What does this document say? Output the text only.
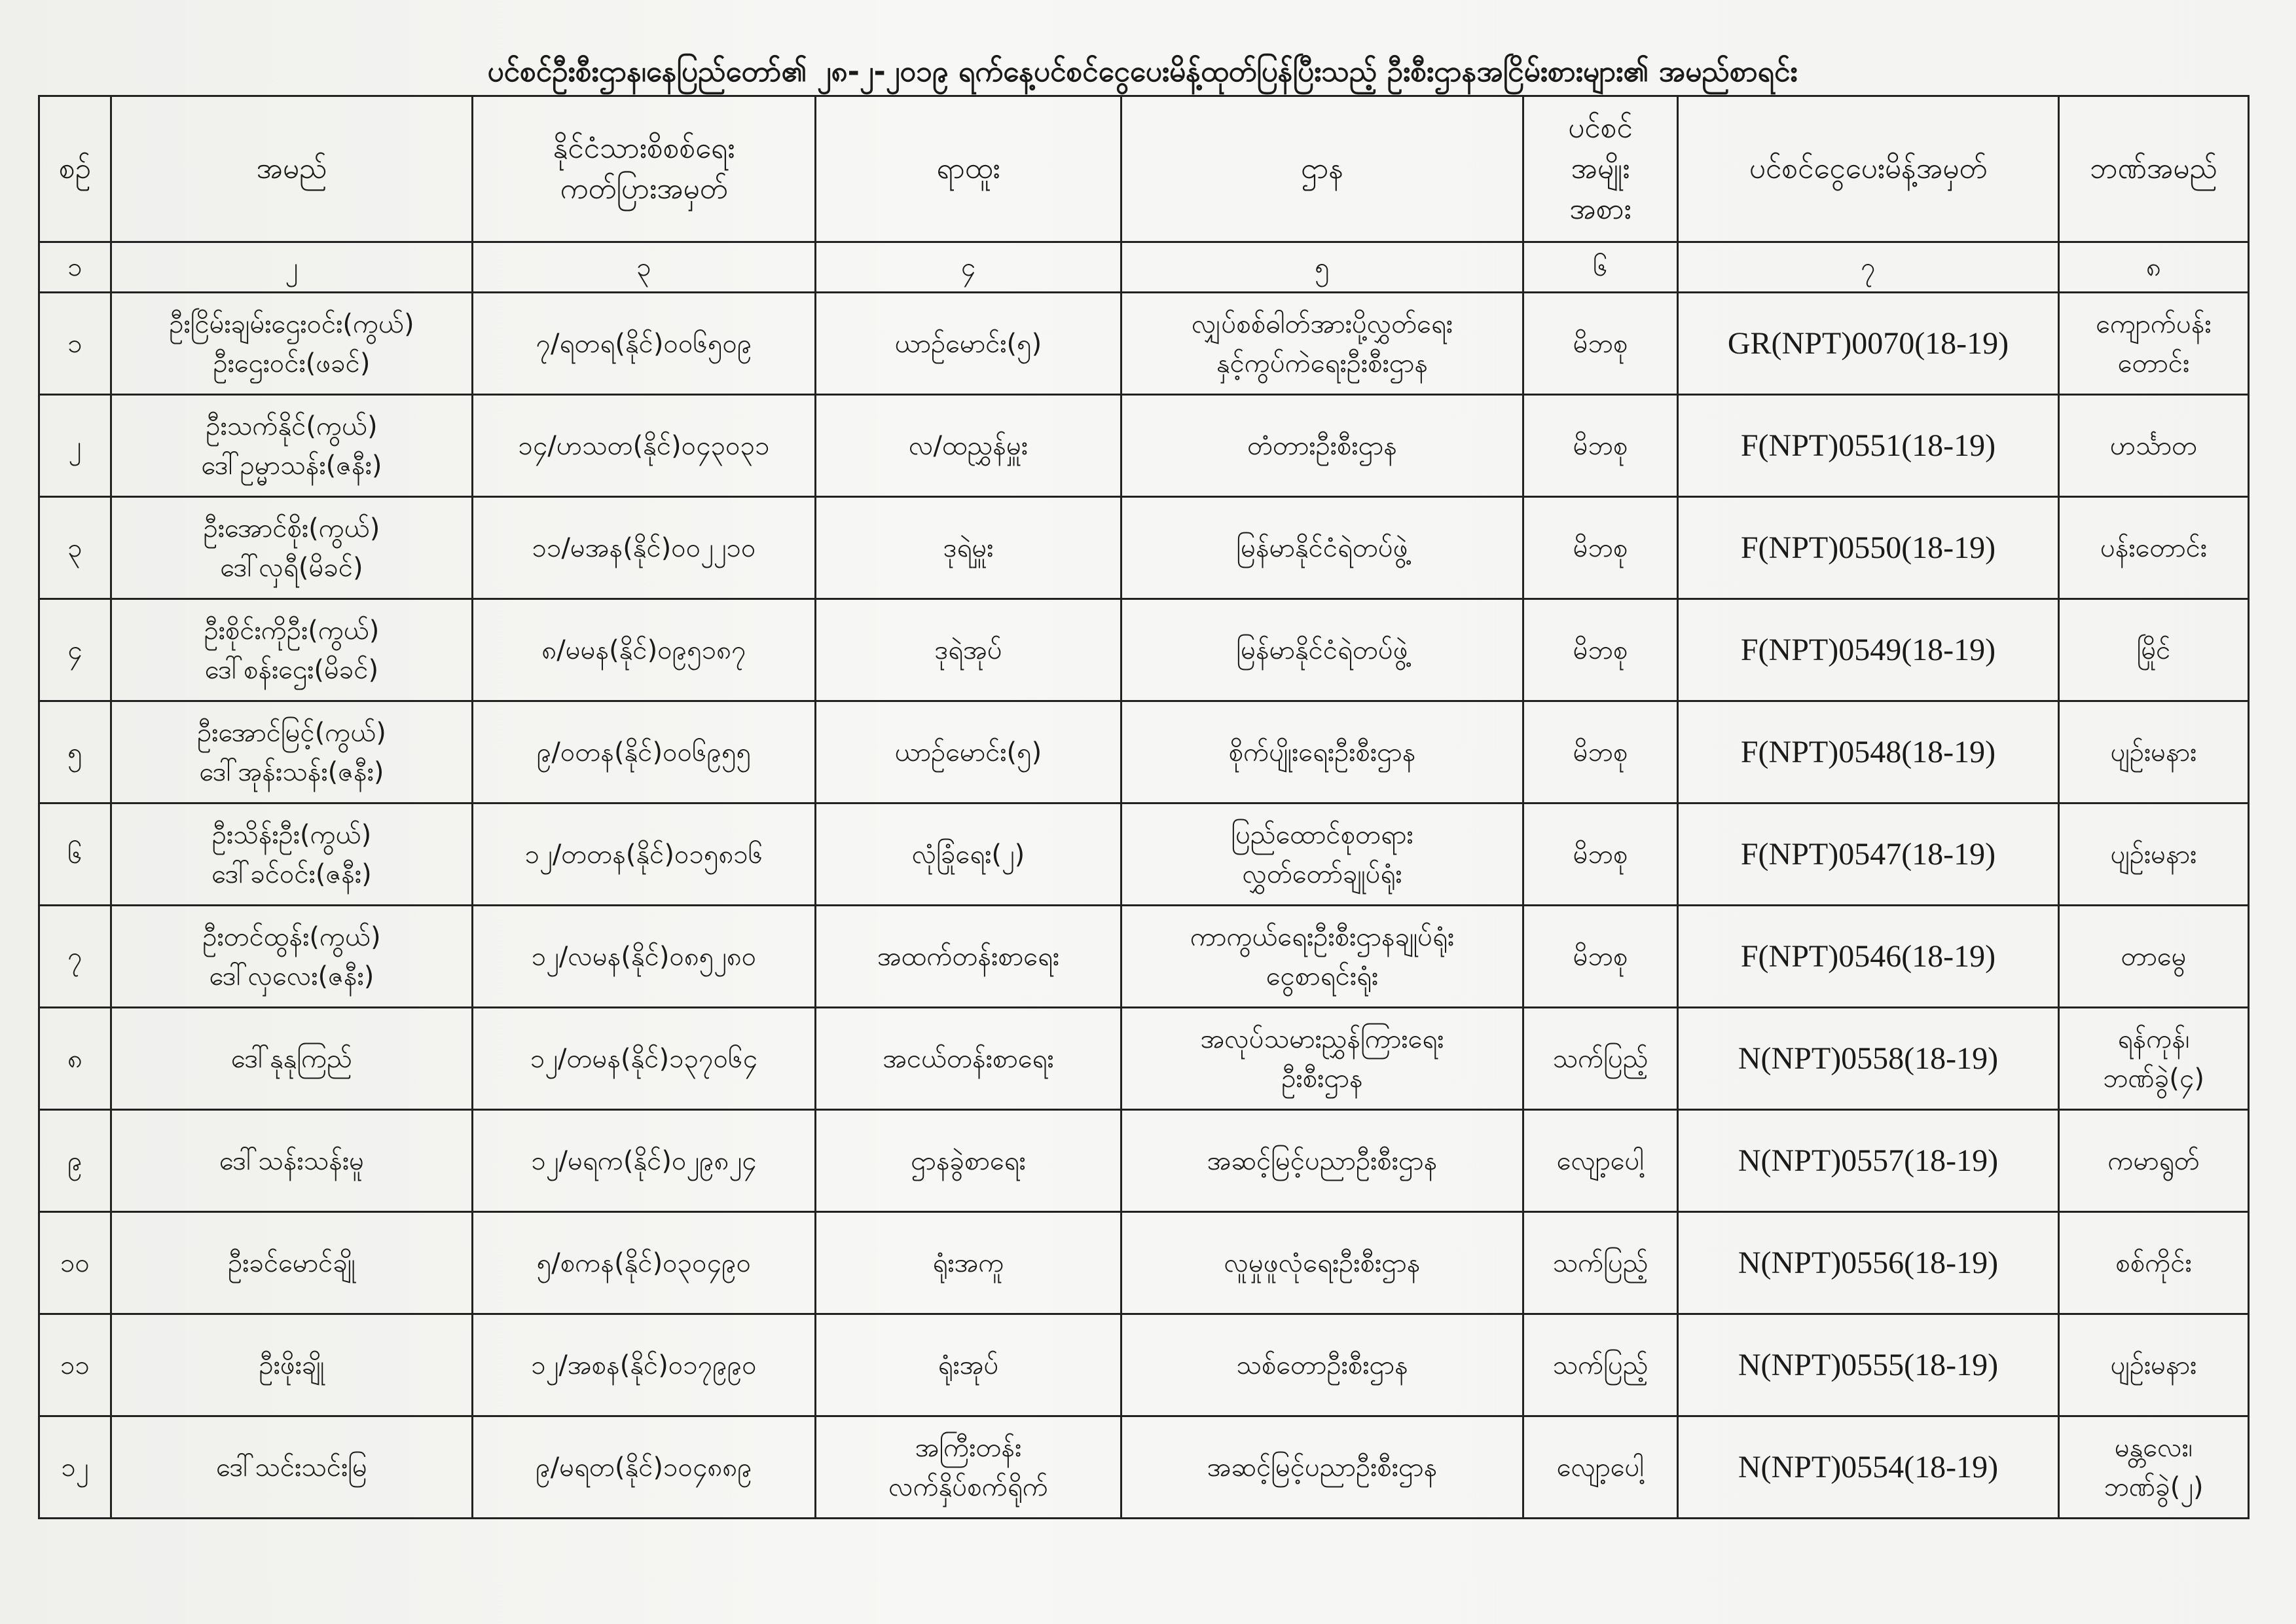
ပင်စင်ဦးစီးဌာန၊နေပြည်တော်၏ ၂၈-၂-၂၀၁၉ ရက်နေ့ပင်စင်ငွေပေးမိန့်ထုတ်ပြန်ပြီးသည့် ဦးစီးဌာနအငြိမ်းစားများ၏ အမည်စာရင်း
စဉ်	အမည်	နိုင်ငံသားစိစစ်ရေး
ကတ်ပြားအမှတ်	ရာထူး	ဌာန	ပင်စင်
အမျိုး
အစား	ပင်စင်ငွေပေးမိန့်အမှတ်	ဘဏ်အမည်

၁	၂	၃	၄	၅	၆	၇	၈
၁	ဦးငြိမ်းချမ်းဌေးဝင်း(ကွယ်)
ဦးဌေးဝင်း(ဖခင်)	၇/ရတရ(နိုင်)၀၀၆၅၀၉	ယာဉ်မောင်း(၅)	လျှပ်စစ်ဓါတ်အားပို့လွှတ်ရေး
နှင့်ကွပ်ကဲရေးဦးစီးဌာန	မိဘစု	GR(NPT)0070(18-19)	ကျောက်ပန်း
တောင်း

၂	ဦးသက်နိုင်(ကွယ်)
ဒေါ်ဥမ္မာသန်း(ဇနီး)	၁၄/ဟသတ(နိုင်)၀၄၃၀၃၁	လ/ထညွှန်မှူး	တံတားဦးစီးဌာန	မိဘစု	F(NPT)0551(18-19)	ဟင်္သာတ

၃	ဦးအောင်စိုး(ကွယ်)
ဒေါ်လှရီ(မိခင်)	၁၁/မအန(နိုင်)၀၀၂၂၁၀	ဒုရဲမှူး	မြန်မာနိုင်ငံရဲတပ်ဖွဲ့	မိဘစု	F(NPT)0550(18-19)	ပန်းတောင်း

၄	ဦးစိုင်းကိုဦး(ကွယ်)
ဒေါ်စန်းဌေး(မိခင်)	၈/မမန(နိုင်)၀၉၅၁၈၇	ဒုရဲအုပ်	မြန်မာနိုင်ငံရဲတပ်ဖွဲ့	မိဘစု	F(NPT)0549(18-19)	မြိုင်

၅	ဦးအောင်မြင့်(ကွယ်)
ဒေါ်အုန်းသန်း(ဇနီး)	၉/ဝတန(နိုင်)၀၀၆၉၅၅	ယာဉ်မောင်း(၅)	စိုက်ပျိုးရေးဦးစီးဌာန	မိဘစု	F(NPT)0548(18-19)	ပျဉ်းမနား

၆	ဦးသိန်းဦး(ကွယ်)
ဒေါ်ခင်ဝင်း(ဇနီး)	၁၂/တတန(နိုင်)၀၁၅၈၁၆	လုံခြုံရေး(၂)	ပြည်ထောင်စုတရား
လွှတ်တော်ချုပ်ရုံး	မိဘစု	F(NPT)0547(18-19)	ပျဉ်းမနား

၇	ဦးတင်ထွန်း(ကွယ်)
ဒေါ်လှလေး(ဇနီး)	၁၂/လမန(နိုင်)၀၈၅၂၈၀	အထက်တန်းစာရေး	ကာကွယ်ရေးဦးစီးဌာနချုပ်ရုံး
ငွေစာရင်းရုံး	မိဘစု	F(NPT)0546(18-19)	တာမွေ

၈	ဒေါ်နုနုကြည်	၁၂/တမန(နိုင်)၁၃၇၀၆၄	အငယ်တန်းစာရေး	အလုပ်သမားညွှန်ကြားရေး
ဦးစီးဌာန	သက်ပြည့်	N(NPT)0558(18-19)	ရန်ကုန်၊
ဘဏ်ခွဲ(၄)

၉	ဒေါ်သန်းသန်းမူ	၁၂/မရက(နိုင်)၀၂၉၈၂၄	ဌာနခွဲစာရေး	အဆင့်မြင့်ပညာဦးစီးဌာန	လျော့ပေါ့	N(NPT)0557(18-19)	ကမာရွတ်

၁၀	ဦးခင်မောင်ချို	၅/စကန(နိုင်)၀၃၀၄၉၀	ရုံးအကူ	လူမှုဖူလုံရေးဦးစီးဌာန	သက်ပြည့်	N(NPT)0556(18-19)	စစ်ကိုင်း

၁၁	ဦးဖိုးချို	၁၂/အစန(နိုင်)၀၁၇၉၉၀	ရုံးအုပ်	သစ်တောဦးစီးဌာန	သက်ပြည့်	N(NPT)0555(18-19)	ပျဉ်းမနား

၁၂	ဒေါ်သင်းသင်းမြ	၉/မရတ(နိုင်)၁၀၄၈၈၉	အကြီးတန်း
လက်နှိပ်စက်ရိုက်	အဆင့်မြင့်ပညာဦးစီးဌာန	လျော့ပေါ့	N(NPT)0554(18-19)	မန္တလေး၊
ဘဏ်ခွဲ(၂)
